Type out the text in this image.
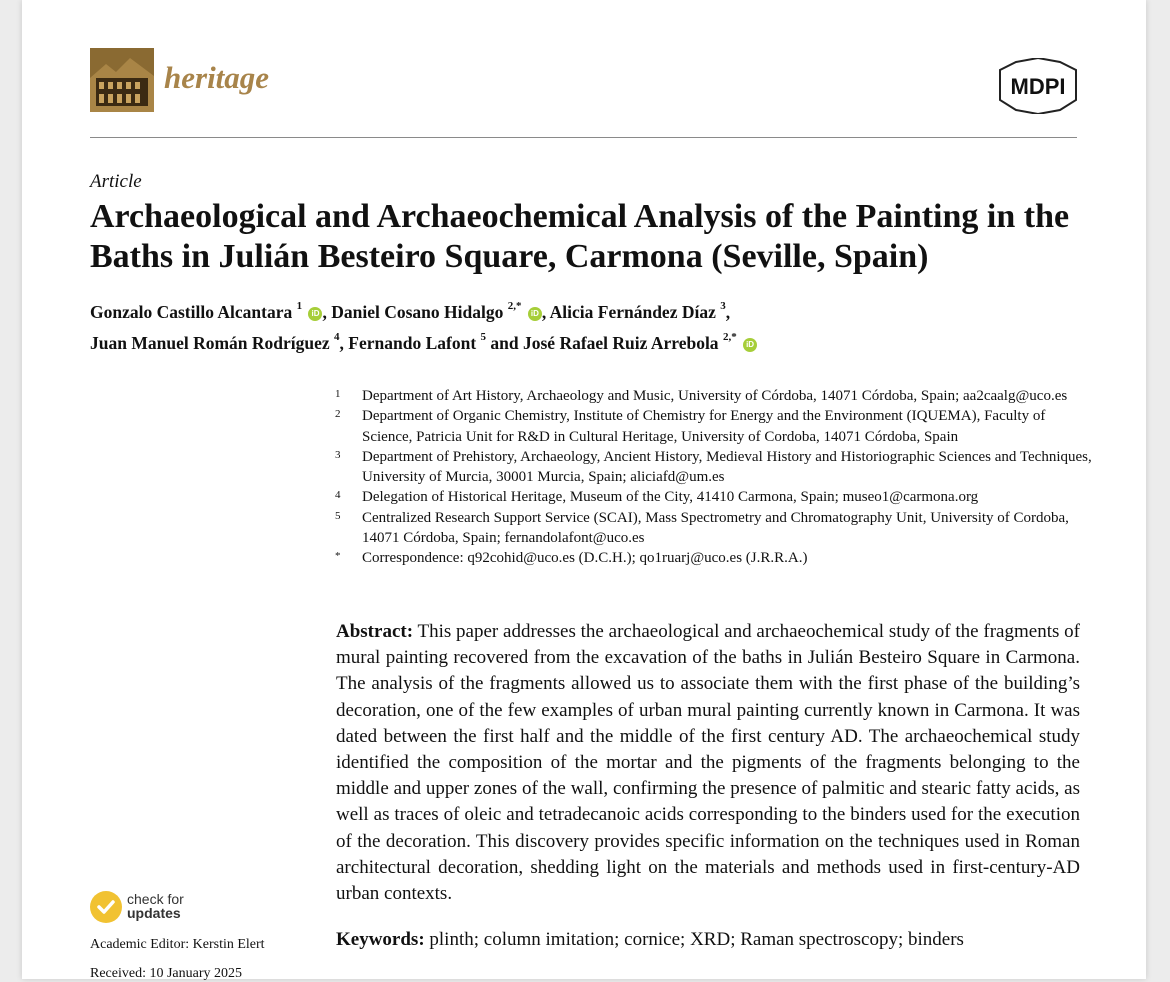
heritage	MDPI
Article
Archaeological and Archaeochemical Analysis of the Painting in the Baths in Julián Besteiro Square, Carmona (Seville, Spain)
Gonzalo Castillo Alcantara $^1$ iD , Daniel Cosano Hidalgo $^{2,*}$ iD , Alicia Fernández Díaz $^3$,
Juan Manuel Román Rodríguez $^4$, Fernando Lafont $^5$ and José Rafael Ruiz Arrebola $^{2,*}$ iD
1 Department of Art History, Archaeology and Music, University of Córdoba, 14071 Córdoba, Spain; aa2caalg@uco.es
2 Department of Organic Chemistry, Institute of Chemistry for Energy and the Environment (IQUEMA), Faculty of Science, Patricia Unit for R&D in Cultural Heritage, University of Cordoba, 14071 Córdoba, Spain
3 Department of Prehistory, Archaeology, Ancient History, Medieval History and Historiographic Sciences and Techniques, University of Murcia, 30001 Murcia, Spain; aliciafd@um.es
4 Delegation of Historical Heritage, Museum of the City, 41410 Carmona, Spain; museo1@carmona.org
5 Centralized Research Support Service (SCAI), Mass Spectrometry and Chromatography Unit, University of Cordoba, 14071 Córdoba, Spain; fernandolafont@uco.es
* Correspondence: q92cohid@uco.es (D.C.H.); qo1ruarj@uco.es (J.R.R.A.)
Abstract: This paper addresses the archaeological and archaeochemical study of the fragments of mural painting recovered from the excavation of the baths in Julián Besteiro Square in Carmona. The analysis of the fragments allowed us to associate them with the first phase of the building’s decoration, one of the few examples of urban mural painting currently known in Carmona. It was dated between the first half and the middle of the first century AD. The archaeochemical study identified the composition of the mortar and the pigments of the fragments belonging to the middle and upper zones of the wall, confirming the presence of palmitic and stearic fatty acids, as well as traces of oleic and tetradecanoic acids corresponding to the binders used for the execution of the decoration. This discovery provides specific information on the techniques used in Roman architectural decoration, shedding light on the materials and methods used in first-century-AD urban contexts.
Keywords: plinth; column imitation; cornice; XRD; Raman spectroscopy; binders
check for
updates
Academic Editor: Kerstin Elert
Received: 10 January 2025
